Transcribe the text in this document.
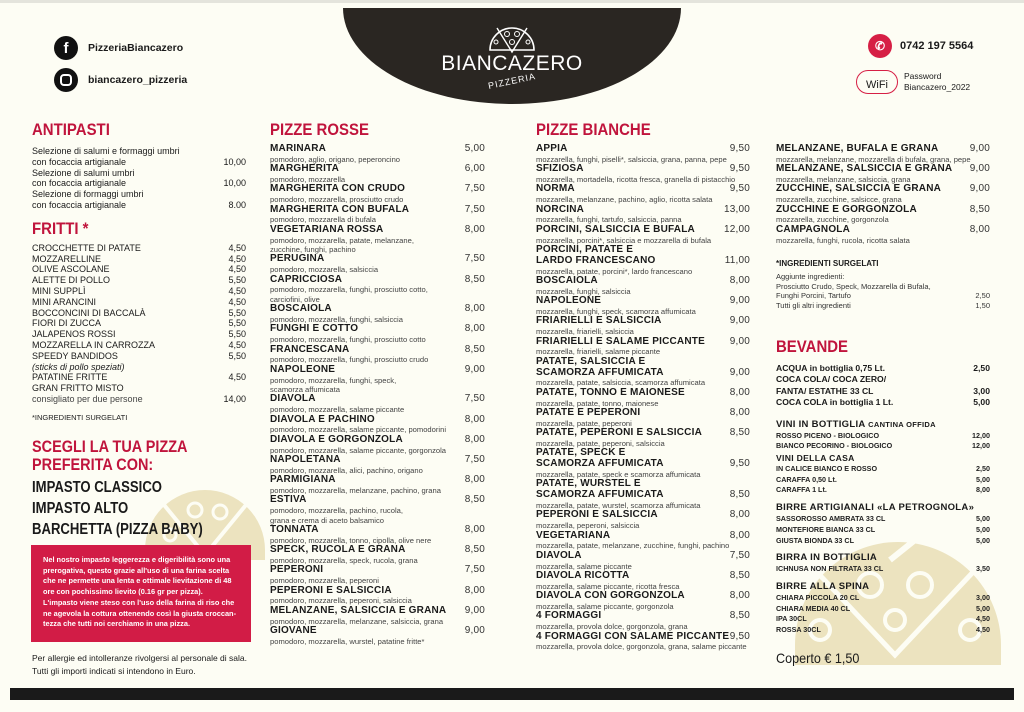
f	PizzeriaBiancazero
biancazero_pizzeria
BIANCAZERO
PIZZERIA
✆	0742 197 5564
WiFi
Password
Biancazero_2022
ANTIPASTI
Selezione di salumi e formaggi umbri
con focaccia artigianale	10,00
Selezione di salumi umbri
con focaccia artigianale	10,00
Selezione di formaggi umbri
con focaccia artigianale	8.00
FRITTI *
CROCCHETTE DI PATATE	4,50
MOZZARELLINE	4,50
OLIVE ASCOLANE	4,50
ALETTE DI POLLO	5,50
MINI SUPPLÌ	4,50
MINI ARANCINI	4,50
BOCCONCINI DI BACCALÀ	5,50
FIORI DI ZUCCA	5,50
JALAPENOS ROSSI	5,50
MOZZARELLA IN CARROZZA	4,50
SPEEDY BANDIDOS	5,50
(sticks di pollo speziati)
PATATINE FRITTE	4,50
GRAN FRITTO MISTO
consigliato per due persone	14,00
*INGREDIENTI SURGELATI
SCEGLI LA TUA PIZZA
PREFERITA CON:
IMPASTO CLASSICO
IMPASTO ALTO
BARCHETTA (PIZZA BABY)
Nel nostro impasto leggerezza e digeribilità sono una
prerogativa, questo grazie all'uso di una farina scelta
che ne permette una lenta e ottimale lievitazione di 48
ore con pochissimo lievito (0.16 gr per pizza).
L'impasto viene steso con l'uso della farina di riso che
ne agevola la cottura ottenendo così la giusta croccan-
tezza che tutti noi cerchiamo in una pizza.
Per allergie ed intolleranze rivolgersi al personale di sala.
Tutti gli importi indicati si intendono in Euro.
PIZZE ROSSE
MARINARA	5,00
pomodoro, aglio, origano, peperoncino
MARGHERITA	6,00
pomodoro, mozzarella
MARGHERITA CON CRUDO	7,50
pomodoro, mozzarella, prosciutto crudo
MARGHERITA CON BUFALA	7,50
pomodoro, mozzarella di bufala
VEGETARIANA ROSSA	8,00
pomodoro, mozzarella, patate, melanzane,
zucchine, funghi, pachino
PERUGINA	7,50
pomodoro, mozzarella, salsiccia
CAPRICCIOSA	8,50
pomodoro, mozzarella, funghi, prosciutto cotto,
carciofini, olive
BOSCAIOLA	8,00
pomodoro, mozzarella, funghi, salsiccia
FUNGHI E COTTO	8,00
pomodoro, mozzarella, funghi, prosciutto cotto
FRANCESCANA	8,50
pomodoro, mozzarella, funghi, prosciutto crudo
NAPOLEONE	9,00
pomodoro, mozzarella, funghi, speck,
scamorza affumicata
DIAVOLA	7,50
pomodoro, mozzarella, salame piccante
DIAVOLA E PACHINO	8,00
pomodoro, mozzarella, salame piccante, pomodorini
DIAVOLA E GORGONZOLA	8,00
pomodoro, mozzarella, salame piccante, gorgonzola
NAPOLETANA	7,50
pomodoro, mozzarella, alici, pachino, origano
PARMIGIANA	8,00
pomodoro, mozzarella, melanzane, pachino, grana
ESTIVA	8,50
pomodoro, mozzarella, pachino, rucola,
grana e crema di aceto balsamico
TONNATA	8,00
pomodoro, mozzarella, tonno, cipolla, olive nere
SPECK, RUCOLA E GRANA	8,50
pomodoro, mozzarella, speck, rucola, grana
PEPERONI	7,50
pomodoro, mozzarella, peperoni
PEPERONI E SALSICCIA	8,00
pomodoro, mozzarella, peperoni, salsiccia
MELANZANE, SALSICCIA E GRANA 9,00
pomodoro, mozzarella, melanzane, salsiccia, grana
GIOVANE	9,00
pomodoro, mozzarella, wurstel, patatine fritte*
PIZZE BIANCHE
APPIA	9,50
mozzarella, funghi, piselli*, salsiccia, grana, panna, pepe
SFIZIOSA	9,50
mozzarella, mortadella, ricotta fresca, granella di pistacchio
NORMA	9,50
mozzarella, melanzane, pachino, aglio, ricotta salata
NORCINA	13,00
mozzarella, funghi, tartufo, salsiccia, panna
PORCINI, SALSICCIA E BUFALA	12,00
mozzarella, porcini*, salsiccia e mozzarella di bufala
PORCINI, PATATE E
LARDO FRANCESCANO	11,00
mozzarella, patate, porcini*, lardo francescano
BOSCAIOLA	8,00
mozzarella, funghi, salsiccia
NAPOLEONE	9,00
mozzarella, funghi, speck, scamorza affumicata
FRIARIELLI E SALSICCIA	9,00
mozzarella, friarielli, salsiccia
FRIARIELLI E SALAME PICCANTE 9,00
mozzarella, friarielli, salame piccante
PATATE, SALSICCIA E
SCAMORZA AFFUMICATA	9,00
mozzarella, patate, salsiccia, scamorza affumicata
PATATE, TONNO E MAIONESE	8,00
mozzarella, patate, tonno, maionese
PATATE E PEPERONI	8,00
mozzarella, patate, peperoni
PATATE, PEPERONI E SALSICCIA	8,50
mozzarella, patate, peperoni, salsiccia
PATATE, SPECK E
SCAMORZA AFFUMICATA	9,50
mozzarella, patate, speck e scamorza affumicata
PATATE, WURSTEL E
SCAMORZA AFFUMICATA	8,50
mozzarella, patate, wurstel, scamorza affumicata
PEPERONI E SALSICCIA	8,00
mozzarella, peperoni, salsiccia
VEGETARIANA	8,00
mozzarella, patate, melanzane, zucchine, funghi, pachino
DIAVOLA	7,50
mozzarella, salame piccante
DIAVOLA RICOTTA	8,50
mozzarella, salame piccante, ricotta fresca
DIAVOLA CON GORGONZOLA	8,00
mozzarella, salame piccante, gorgonzola
4 FORMAGGI	8,50
mozzarella, provola dolce, gorgonzola, grana
4 FORMAGGI CON SALAME PICCANTE 9,50
mozzarella, provola dolce, gorgonzola, grana, salame piccante
MELANZANE, BUFALA E GRANA	9,00
mozzarella, melanzane, mozzarella di bufala, grana, pepe
MELANZANE, SALSICCIA E GRANA 9,00
mozzarella, melanzane, salsiccia, grana
ZUCCHINE, SALSICCIA E GRANA	9,00
mozzarella, zucchine, salsicce, grana
ZUCCHINE E GORGONZOLA	8,50
mozzarella, zucchine, gorgonzola
CAMPAGNOLA	8,00
mozzarella, funghi, rucola, ricotta salata
*INGREDIENTI SURGELATI
Aggiunte ingredienti:
Prosciutto Crudo, Speck, Mozzarella di Bufala,
Funghi Porcini, Tartufo	2,50
Tutti gli altri ingredienti	1,50
BEVANDE
ACQUA in bottiglia 0,75 Lt.	2,50
COCA COLA/ COCA ZERO/
FANTA/ ESTATHE 33 CL	3,00
COCA COLA in bottiglia 1 Lt.	5,00
VINI IN BOTTIGLIA CANTINA OFFIDA
ROSSO PICENO - BIOLOGICO	12,00
BIANCO PECORINO - BIOLOGICO	12,00
VINI DELLA CASA
IN CALICE BIANCO E ROSSO	2,50
CARAFFA 0,50 Lt.	5,00
CARAFFA 1 Lt.	8,00
BIRRE ARTIGIANALI «LA PETROGNOLA»
SASSOROSSO AMBRATA 33 CL	5,00
MONTEFIORE BIANCA 33 CL	5,00
GIUSTA BIONDA 33 CL	5,00
BIRRA IN BOTTIGLIA
ICHNUSA NON FILTRATA 33 CL	3,50
BIRRE ALLA SPINA
CHIARA PICCOLA 20 CL	3,00
CHIARA MEDIA 40 CL	5,00
IPA 30CL	4,50
ROSSA 30CL	4,50
Coperto € 1,50
